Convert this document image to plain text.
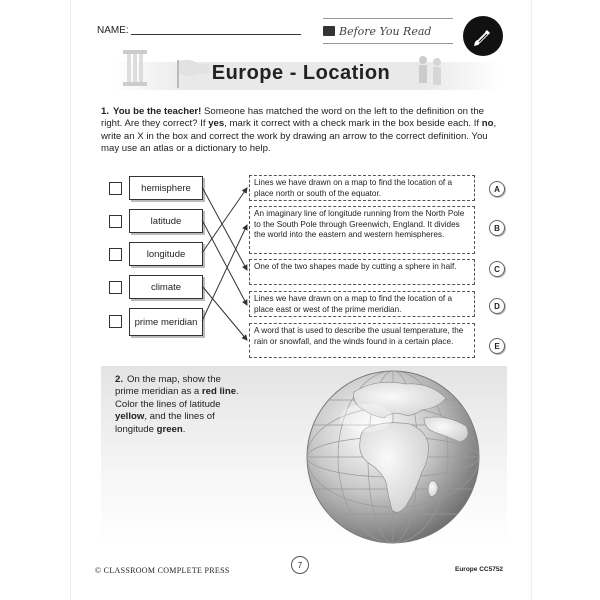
NAME:	Before You Read
Europe - Location
1. You be the teacher! Someone has matched the word on the left to the definition on the right. Are they correct? If yes, mark it correct with a check mark in the box beside each. If no, write an X in the box and correct the work by drawing an arrow to the correct definition. You may use an atlas or a dictionary to help.
hemisphere
latitude
longitude
climate
prime meridian
Lines we have drawn on a map to find the location of a place north or south of the equator.
An imaginary line of longitude running from the North Pole to the South Pole through Greenwich, England. It divides the world into the eastern and western hemispheres.
One of the two shapes made by cutting a sphere in half.
Lines we have drawn on a map to find the location of a place east or west of the prime meridian.
A word that is used to describe the usual temperature, the rain or snowfall, and the winds found in a certain place.
A
B
C
D
E
2. On the map, show the prime meridian as a red line. Color the lines of latitude yellow, and the lines of longitude green.
© CLASSROOM COMPLETE PRESS
7	Europe CC5752
